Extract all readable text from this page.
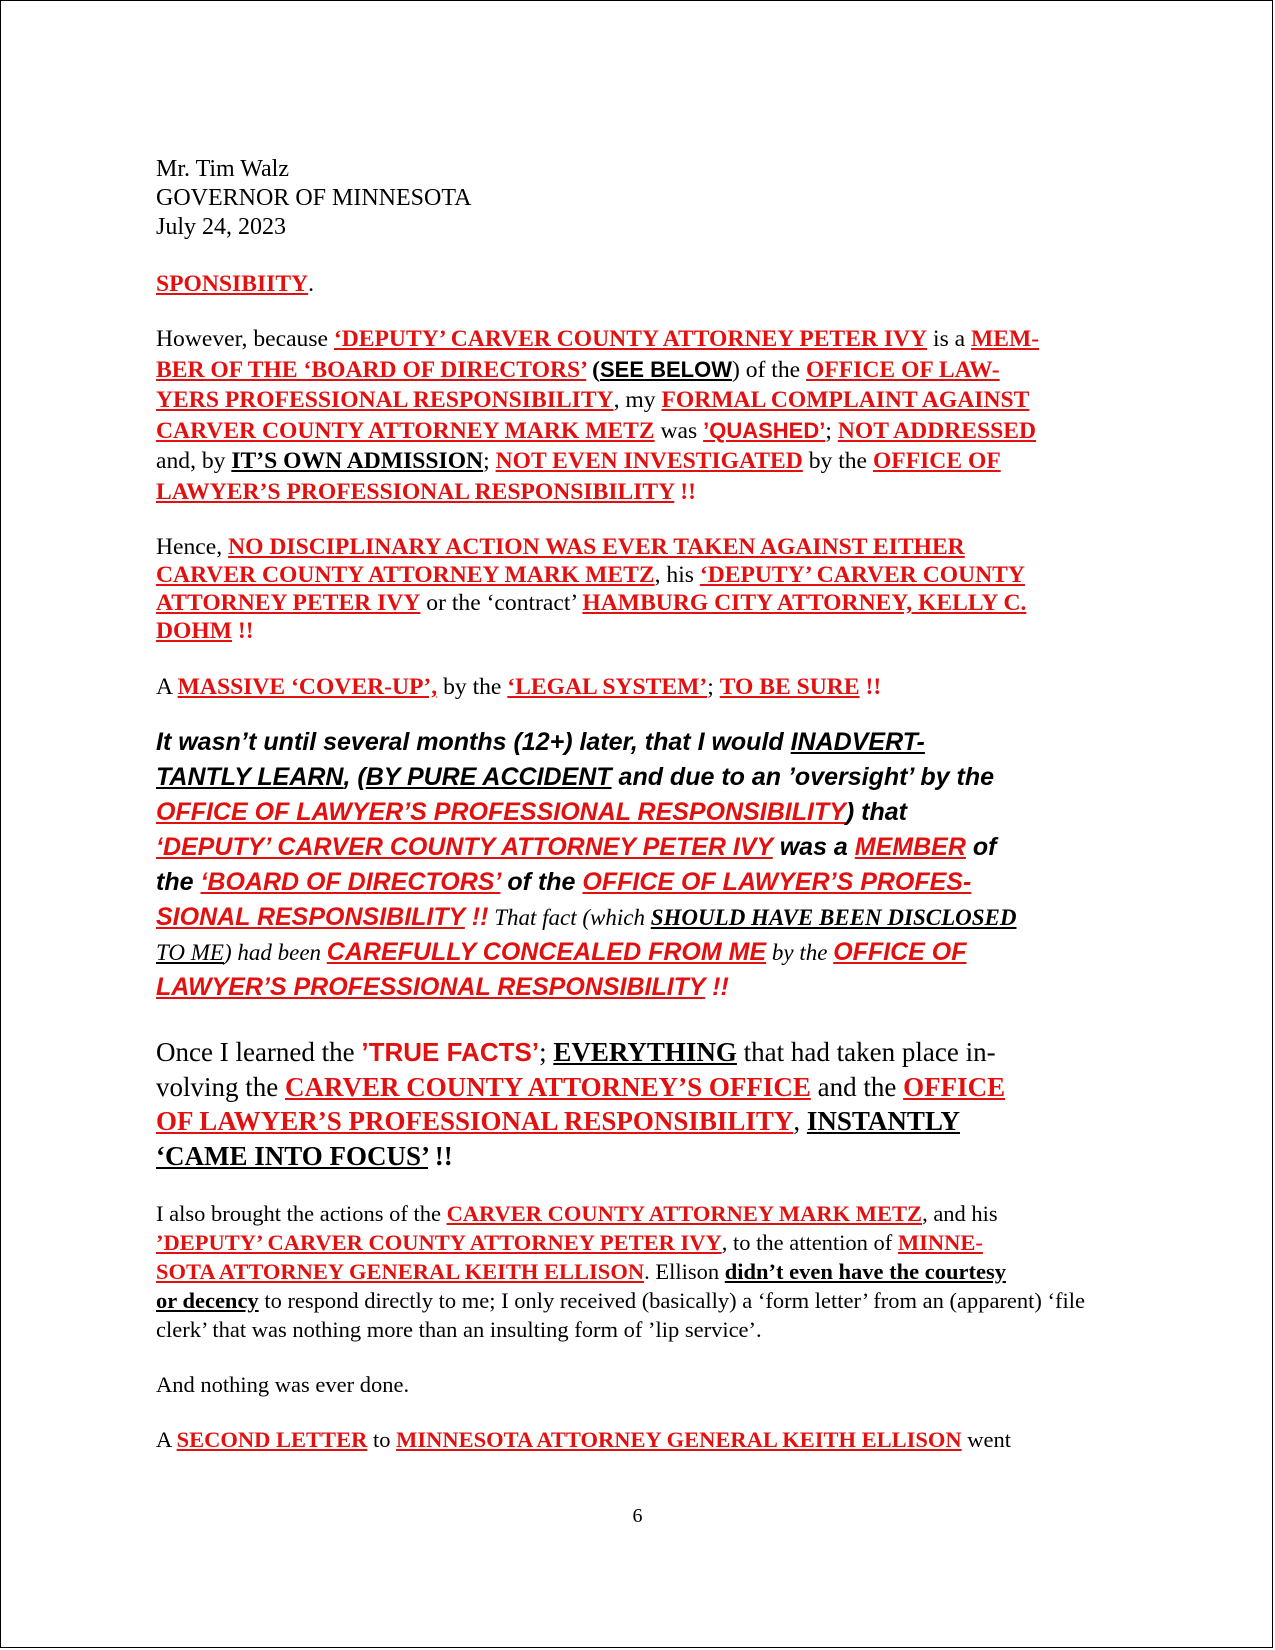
Mr. Tim Walz

GOVERNOR OF MINNESOTA

July 24, 2023

SPONSIBIITY.

However, because ‘DEPUTY’ CARVER COUNTY ATTORNEY PETER IVY is a MEM-
BER OF THE ‘BOARD OF DIRECTORS’ (SEE BELOW) of the OFFICE OF LAW-
YERS PROFESSIONAL RESPONSIBILITY, my FORMAL COMPLAINT AGAINST
CARVER COUNTY ATTORNEY MARK METZ was ’QUASHED’; NOT ADDRESSED
and, by IT’S OWN ADMISSION; NOT EVEN INVESTIGATED by the OFFICE OF
LAWYER’S PROFESSIONAL RESPONSIBILITY !!

Hence, NO DISCIPLINARY ACTION WAS EVER TAKEN AGAINST EITHER
CARVER COUNTY ATTORNEY MARK METZ, his ‘DEPUTY’ CARVER COUNTY
ATTORNEY PETER IVY or the ‘contract’ HAMBURG CITY ATTORNEY, KELLY C.
DOHM !!

A MASSIVE ‘COVER-UP’, by the ‘LEGAL SYSTEM’; TO BE SURE !!

It wasn’t until several months (12+) later, that I would INADVERT-
TANTLY LEARN, (BY PURE ACCIDENT and due to an ’oversight’ by the
OFFICE OF LAWYER’S PROFESSIONAL RESPONSIBILITY) that
‘DEPUTY’ CARVER COUNTY ATTORNEY PETER IVY was a MEMBER of
the ‘BOARD OF DIRECTORS’ of the OFFICE OF LAWYER’S PROFES-
SIONAL RESPONSIBILITY !! That fact (which SHOULD HAVE BEEN DISCLOSED
TO ME) had been CAREFULLY CONCEALED FROM ME by the OFFICE OF
LAWYER’S PROFESSIONAL RESPONSIBILITY !!

Once I learned the ’TRUE FACTS’; EVERYTHING that had taken place in-
volving the CARVER COUNTY ATTORNEY’S OFFICE and the OFFICE
OF LAWYER’S PROFESSIONAL RESPONSIBILITY, INSTANTLY
‘CAME INTO FOCUS’ !!

I also brought the actions of the CARVER COUNTY ATTORNEY MARK METZ, and his
’DEPUTY’ CARVER COUNTY ATTORNEY PETER IVY, to the attention of MINNE-
SOTA ATTORNEY GENERAL KEITH ELLISON. Ellison didn’t even have the courtesy
or decency to respond directly to me; I only received (basically) a ‘form letter’ from an (apparent) ‘file clerk’ that was nothing more than an insulting form of ’lip service’.

And nothing was ever done.

A SECOND LETTER to MINNESOTA ATTORNEY GENERAL KEITH ELLISON went

6
